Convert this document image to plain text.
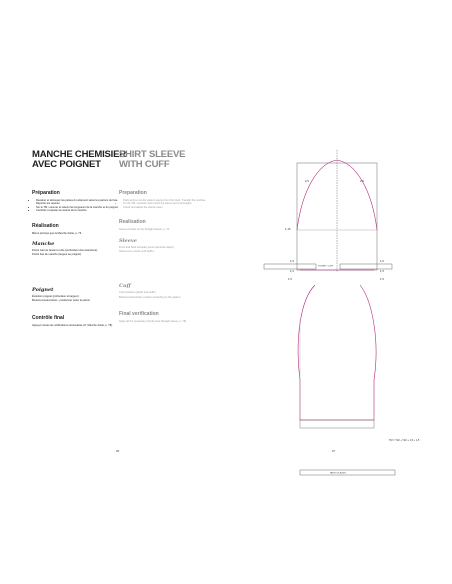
MANCHE CHEMISIER
AVEC POIGNET
Préparation
• Dessiner et découper les pièces du vêtement selon les patrons du livre. Reporter les repères.
• Sur le TM, mesurer et relever les longueurs de la manche et du poignet.
• Contrôler et ajuster la couture de la manche.
Réalisation
Même principe que la Manche droite, p. 76.
Manche
Points carrure devant et dos (profondeur d'emmanchure).
Points bas de manche (largeur au poignet).
Poignet
Évolution poignet (profondeur et largeur).
Boutons-boutonnières : positionner selon le patron.
Contrôle final
Appuyer toutes les vérifications nécessaires (cf. Manche droite, p. 78).
SHIRT SLEEVE
WITH CUFF
Preparation
• Draft and cut out the pattern pieces from the book. Transfer the notches.
• On the TM, measure and record the sleeve and cuff lengths.
• Check and adjust the sleeve seam.
Realisation
Same principle as the Straight sleeve, p. 76.
Sleeve
Front and back shoulder points (armhole depth).
Sleeve hem points (cuff width).
Cuff
Cuff evolution (depth and width).
Buttons-buttonholes: position according to the pattern.
Final verification
Apply all the necessary checks (see Straight sleeve, p. 78).
86	87
2,5	2,5
1,5	1,5
1,5	1,5
1,5	1,5
1,15
TM = ½M + ½M + 1,5 + 1,5
POIGNET / CUFF
PATTE / PLACKET
